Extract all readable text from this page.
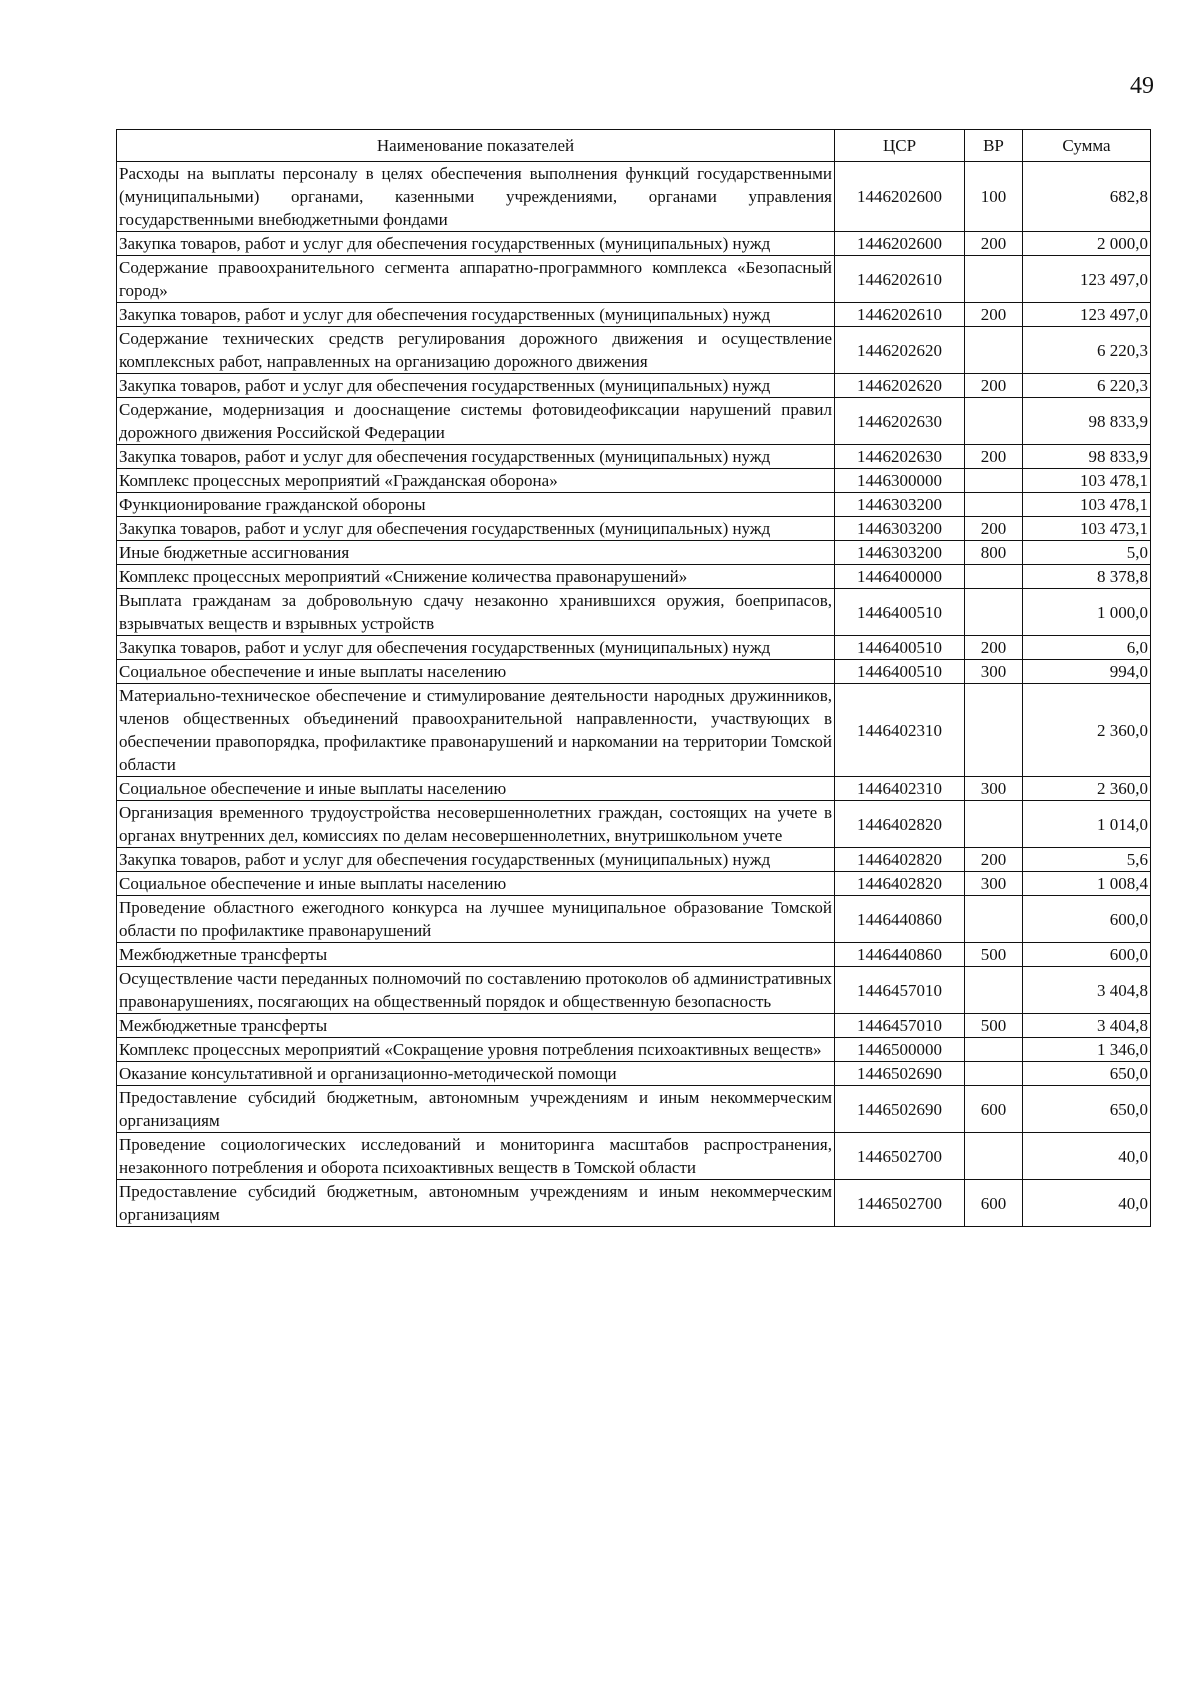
49
Наименование показателей	ЦСР	ВР	Сумма
Расходы на выплаты персоналу в целях обеспечения выполнения функций государственными (муниципальными) органами, казенными учреждениями, органами управления государственными внебюджетными фондами	1446202600	100	682,8
Закупка товаров, работ и услуг для обеспечения государственных (муниципальных) нужд	1446202600	200	2 000,0
Содержание правоохранительного сегмента аппаратно-программного комплекса «Безопасный город»	1446202610		123 497,0
Закупка товаров, работ и услуг для обеспечения государственных (муниципальных) нужд	1446202610	200	123 497,0
Содержание технических средств регулирования дорожного движения и осуществление комплексных работ, направленных на организацию дорожного движения	1446202620		6 220,3
Закупка товаров, работ и услуг для обеспечения государственных (муниципальных) нужд	1446202620	200	6 220,3
Содержание, модернизация и дооснащение системы фотовидеофиксации нарушений правил дорожного движения Российской Федерации	1446202630		98 833,9
Закупка товаров, работ и услуг для обеспечения государственных (муниципальных) нужд	1446202630	200	98 833,9
Комплекс процессных мероприятий «Гражданская оборона»	1446300000		103 478,1
Функционирование гражданской обороны	1446303200		103 478,1
Закупка товаров, работ и услуг для обеспечения государственных (муниципальных) нужд	1446303200	200	103 473,1
Иные бюджетные ассигнования	1446303200	800	5,0
Комплекс процессных мероприятий «Снижение количества правонарушений»	1446400000		8 378,8
Выплата гражданам за добровольную сдачу незаконно хранившихся оружия, боеприпасов, взрывчатых веществ и взрывных устройств	1446400510		1 000,0
Закупка товаров, работ и услуг для обеспечения государственных (муниципальных) нужд	1446400510	200	6,0
Социальное обеспечение и иные выплаты населению	1446400510	300	994,0
Материально-техническое обеспечение и стимулирование деятельности народных дружинников, членов общественных объединений правоохранительной направленности, участвующих в обеспечении правопорядка, профилактике правонарушений и наркомании на территории Томской области	1446402310		2 360,0
Социальное обеспечение и иные выплаты населению	1446402310	300	2 360,0
Организация временного трудоустройства несовершеннолетних граждан, состоящих на учете в органах внутренних дел, комиссиях по делам несовершеннолетних, внутришкольном учете	1446402820		1 014,0
Закупка товаров, работ и услуг для обеспечения государственных (муниципальных) нужд	1446402820	200	5,6
Социальное обеспечение и иные выплаты населению	1446402820	300	1 008,4
Проведение областного ежегодного конкурса на лучшее муниципальное образование Томской области по профилактике правонарушений	1446440860		600,0
Межбюджетные трансферты	1446440860	500	600,0
Осуществление части переданных полномочий по составлению протоколов об административных правонарушениях, посягающих на общественный порядок и общественную безопасность	1446457010		3 404,8
Межбюджетные трансферты	1446457010	500	3 404,8
Комплекс процессных мероприятий «Сокращение уровня потребления психоактивных веществ»	1446500000		1 346,0
Оказание консультативной и организационно-методической помощи	1446502690		650,0
Предоставление субсидий бюджетным, автономным учреждениям и иным некоммерческим организациям	1446502690	600	650,0
Проведение социологических исследований и мониторинга масштабов распространения, незаконного потребления и оборота психоактивных веществ в Томской области	1446502700		40,0
Предоставление субсидий бюджетным, автономным учреждениям и иным некоммерческим организациям	1446502700	600	40,0
